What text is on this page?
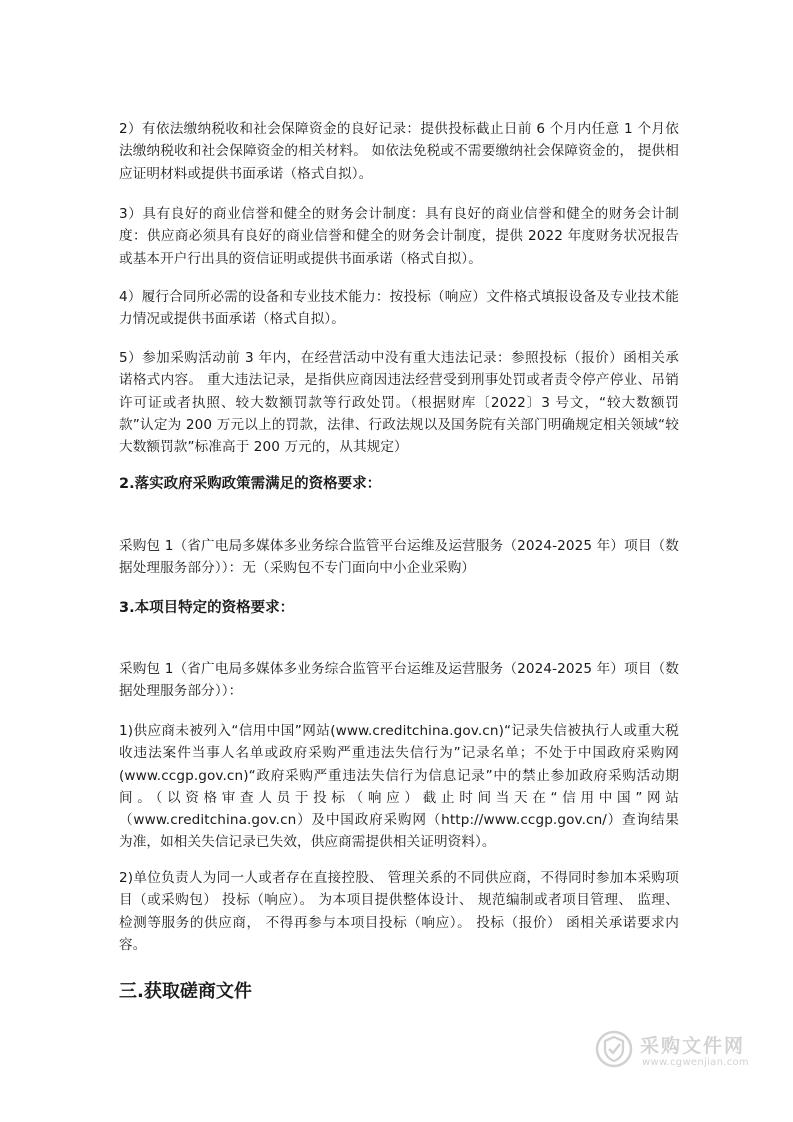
2）有依法缴纳税收和社会保障资金的良好记录：提供投标截止日前 6 个月内任意 1 个月依法缴纳税收和社会保障资金的相关材料。 如依法免税或不需要缴纳社会保障资金的， 提供相应证明材料或提供书面承诺（格式自拟）。

3）具有良好的商业信誉和健全的财务会计制度：具有良好的商业信誉和健全的财务会计制度：供应商必须具有良好的商业信誉和健全的财务会计制度，提供 2022 年度财务状况报告或基本开户行出具的资信证明或提供书面承诺（格式自拟）。

4）履行合同所必需的设备和专业技术能力：按投标（响应）文件格式填报设备及专业技术能力情况或提供书面承诺（格式自拟）。

5）参加采购活动前 3 年内，在经营活动中没有重大违法记录：参照投标（报价）函相关承诺格式内容。 重大违法记录，是指供应商因违法经营受到刑事处罚或者责令停产停业、吊销许可证或者执照、较大数额罚款等行政处罚。（根据财库〔2022〕3 号文，“较大数额罚款”认定为 200 万元以上的罚款，法律、行政法规以及国务院有关部门明确规定相关领域“较大数额罚款”标准高于 200 万元的，从其规定）

2.落实政府采购政策需满足的资格要求：

采购包 1（省广电局多媒体多业务综合监管平台运维及运营服务（2024-2025 年）项目（数据处理服务部分））：无（采购包不专门面向中小企业采购）

3.本项目特定的资格要求：

采购包 1（省广电局多媒体多业务综合监管平台运维及运营服务（2024-2025 年）项目（数据处理服务部分））：

1)供应商未被列入“信用中国”网站(www.creditchina.gov.cn)“记录失信被执行人或重大税收违法案件当事人名单或政府采购严重违法失信行为”记录名单；不处于中国政府采购网(www.ccgp.gov.cn)“政府采购严重违法失信行为信息记录”中的禁止参加政府采购活动期间。（以资格审查人员于投标（响应）截止时间当天在“信用中国”网站（www.creditchina.gov.cn）及中国政府采购网（http://www.ccgp.gov.cn/）查询结果为准，如相关失信记录已失效，供应商需提供相关证明资料）。

2)单位负责人为同一人或者存在直接控股、 管理关系的不同供应商，不得同时参加本采购项目（或采购包） 投标（响应）。 为本项目提供整体设计、 规范编制或者项目管理、 监理、 检测等服务的供应商， 不得再参与本项目投标（响应）。 投标（报价） 函相关承诺要求内容。

三.获取磋商文件
采购文件网
www.cgwenjian.com
